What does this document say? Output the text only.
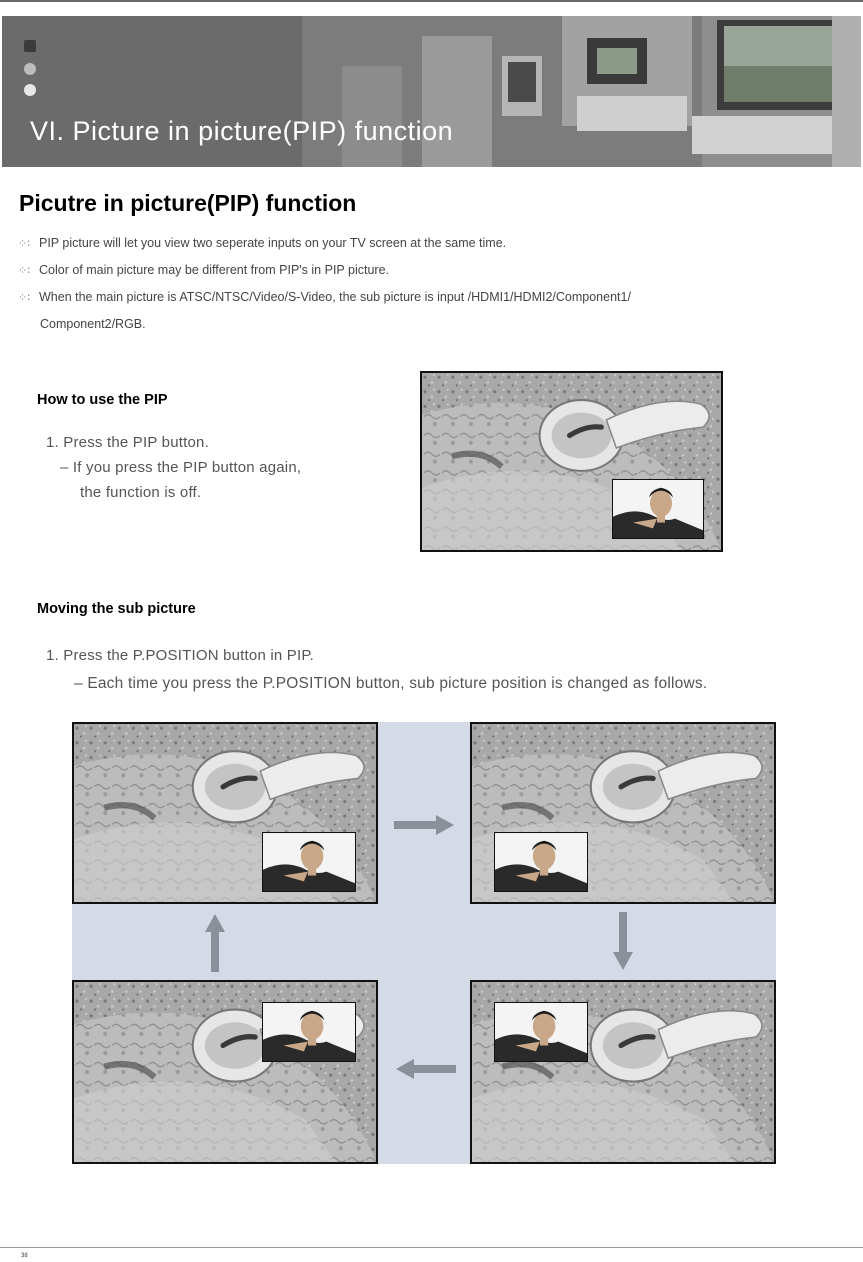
VI. Picture in picture(PIP) function
Picutre in picture(PIP) function
⁘∶ PIP picture will let you view two seperate inputs on your TV screen at the same time.
⁘∶ Color of main picture may be different from PIP's in PIP picture.
⁘∶ When the main picture is ATSC/NTSC/Video/S-Video, the sub picture is input /HDMI1/HDMI2/Component1/
Component2/RGB.
How to use the PIP
1. Press the PIP button.
– If you press the PIP button again,
the function is off.
Moving the sub picture
1. Press the P.POSITION button in PIP.
– Each time you press the P.POSITION button, sub picture position is changed as follows.
38
